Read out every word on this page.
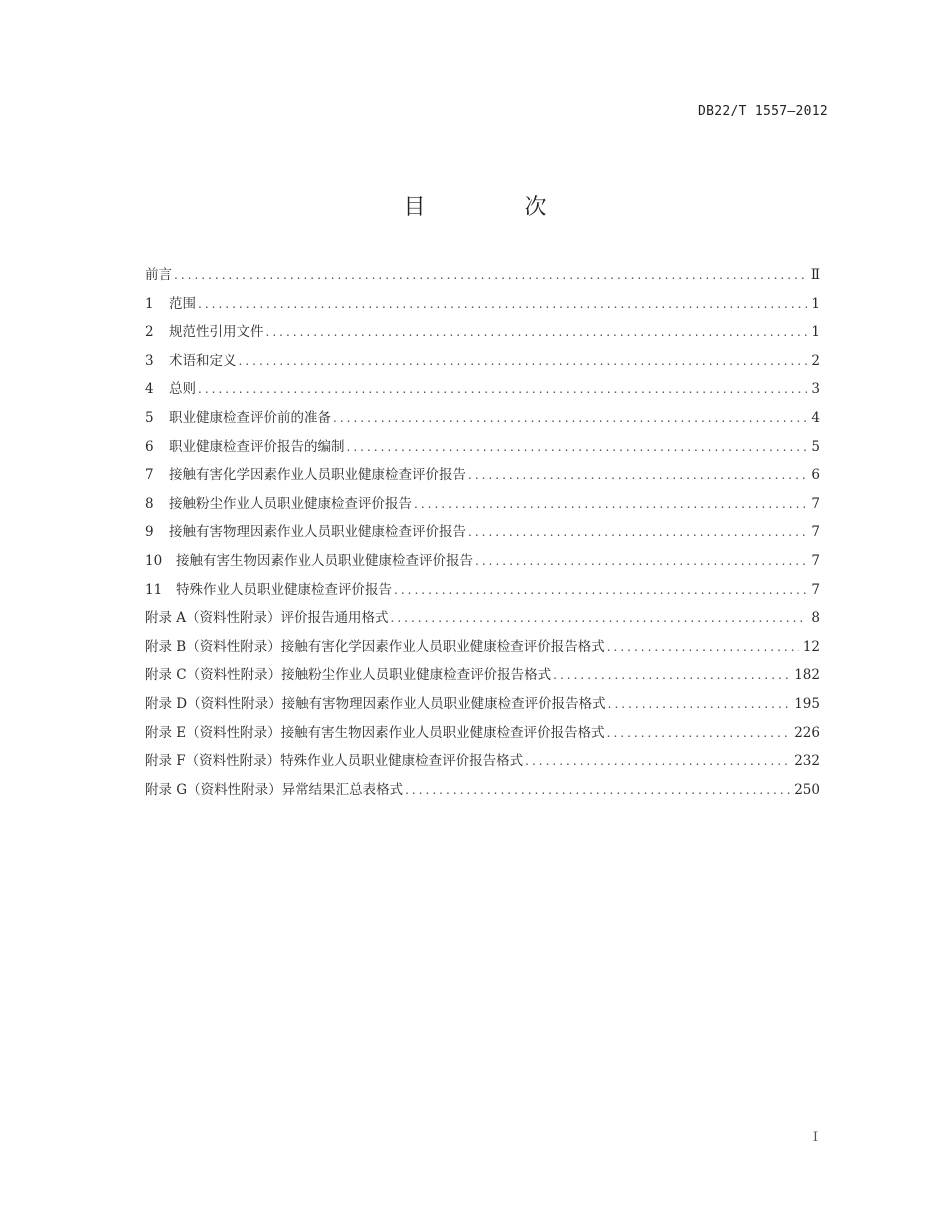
DB22/T 1557—2012
目 次
前言 .....	Ⅱ
1 范围 .....	1
2 规范性引用文件 .....	1
3 术语和定义 .....	2
4 总则 .....	3
5 职业健康检查评价前的准备 .....	4
6 职业健康检查评价报告的编制 .....	5
7 接触有害化学因素作业人员职业健康检查评价报告 .....	6
8 接触粉尘作业人员职业健康检查评价报告 .....	7
9 接触有害物理因素作业人员职业健康检查评价报告 .....	7
10 接触有害生物因素作业人员职业健康检查评价报告 .....	7
11 特殊作业人员职业健康检查评价报告 .....	7
附录 A（资料性附录）评价报告通用格式 .....	8
附录 B（资料性附录）接触有害化学因素作业人员职业健康检查评价报告格式 .....	12
附录 C（资料性附录）接触粉尘作业人员职业健康检查评价报告格式 .....	182
附录 D（资料性附录）接触有害物理因素作业人员职业健康检查评价报告格式 .....	195
附录 E（资料性附录）接触有害生物因素作业人员职业健康检查评价报告格式 .....	226
附录 F（资料性附录）特殊作业人员职业健康检查评价报告格式 .....	232
附录 G（资料性附录）异常结果汇总表格式 .....	250
I
